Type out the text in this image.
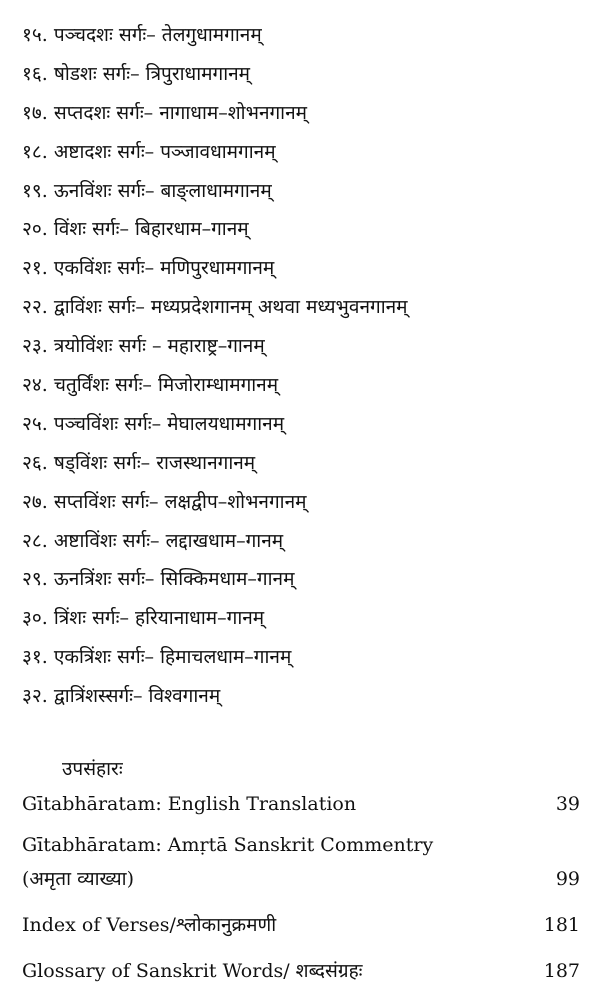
१५. पञ्चदशः सर्गः– तेलगुधामगानम्
१६. षोडशः सर्गः– त्रिपुराधामगानम्
१७. सप्तदशः सर्गः– नागाधाम–शोभनगानम्
१८. अष्टादशः सर्गः– पञ्जावधामगानम्
१९. ऊनविंशः सर्गः– बाङ्लाधामगानम्
२०. विंशः सर्गः– बिहारधाम–गानम्
२१. एकविंशः सर्गः– मणिपुरधामगानम्
२२. द्वाविंशः सर्गः– मध्यप्रदेशगानम् अथवा मध्यभुवनगानम्
२३. त्रयोविंशः सर्गः – महाराष्ट्र–गानम्
२४. चतुर्विंशः सर्गः– मिजोराम्धामगानम्
२५. पञ्चविंशः सर्गः– मेघालयधामगानम्
२६. षड्विंशः सर्गः– राजस्थानगानम्
२७. सप्तविंशः सर्गः– लक्षद्वीप–शोभनगानम्
२८. अष्टाविंशः सर्गः– लद्दाखधाम–गानम्
२९. ऊनत्रिंशः सर्गः– सिक्किमधाम–गानम्
३०. त्रिंशः सर्गः– हरियानाधाम–गानम्
३१. एकत्रिंशः सर्गः– हिमाचलधाम–गानम्
३२. द्वात्रिंशस्सर्गः– विश्वगानम्
उपसंहारः
Gītabhāratam: English Translation	39
Gītabhāratam: Amṛtā Sanskrit Commentry
(अमृता व्याख्या)	99
Index of Verses/श्लोकानुक्रमणी	181
Glossary of Sanskrit Words/ शब्दसंग्रहः	187
